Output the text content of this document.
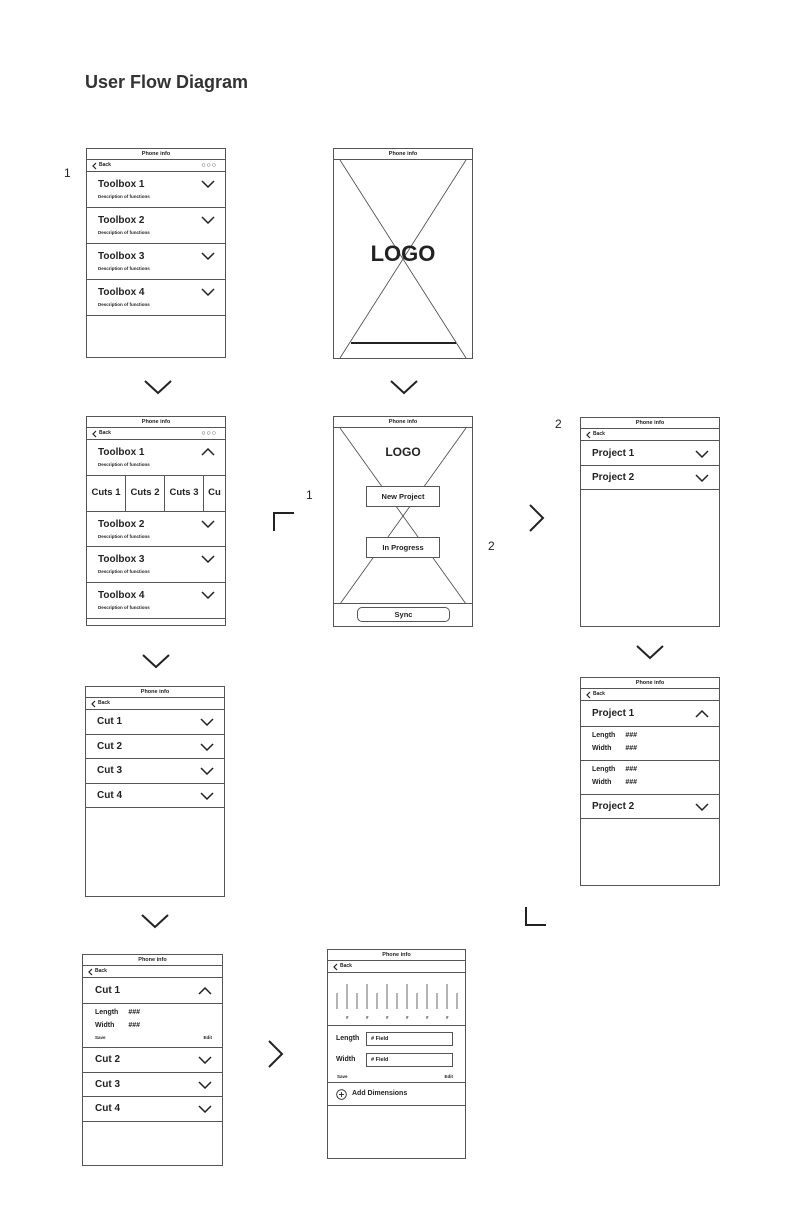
User Flow Diagram
1
1
2
2
Phone info
Back	○○○
Toolbox 1
Description of functions
Toolbox 2
Description of functions
Toolbox 3
Description of functions
Toolbox 4
Description of functions
Phone info
LOGO
Phone info
Back	○○○
Toolbox 1
Description of functions
Cuts 1	Cuts 2	Cuts 3	Cu
Toolbox 2
Description of functions
Toolbox 3
Description of functions
Toolbox 4
Description of functions
Phone info
LOGO
New Project
In Progress
Sync
Phone info
Back
Project 1
Project 2
Phone info
Back
Cut 1
Cut 2
Cut 3
Cut 4
Phone info
Back
Project 1
Length ###
Width ###
Length ###
Width ###
Project 2
Phone info
Back
Cut 1
Length ###
Width ###
Save	Edit
Cut 2
Cut 3
Cut 4
Phone info
Back
#	#	#	#	#	#
Length	# Field
Width	# Field
Save	Edit
Add Dimensions
